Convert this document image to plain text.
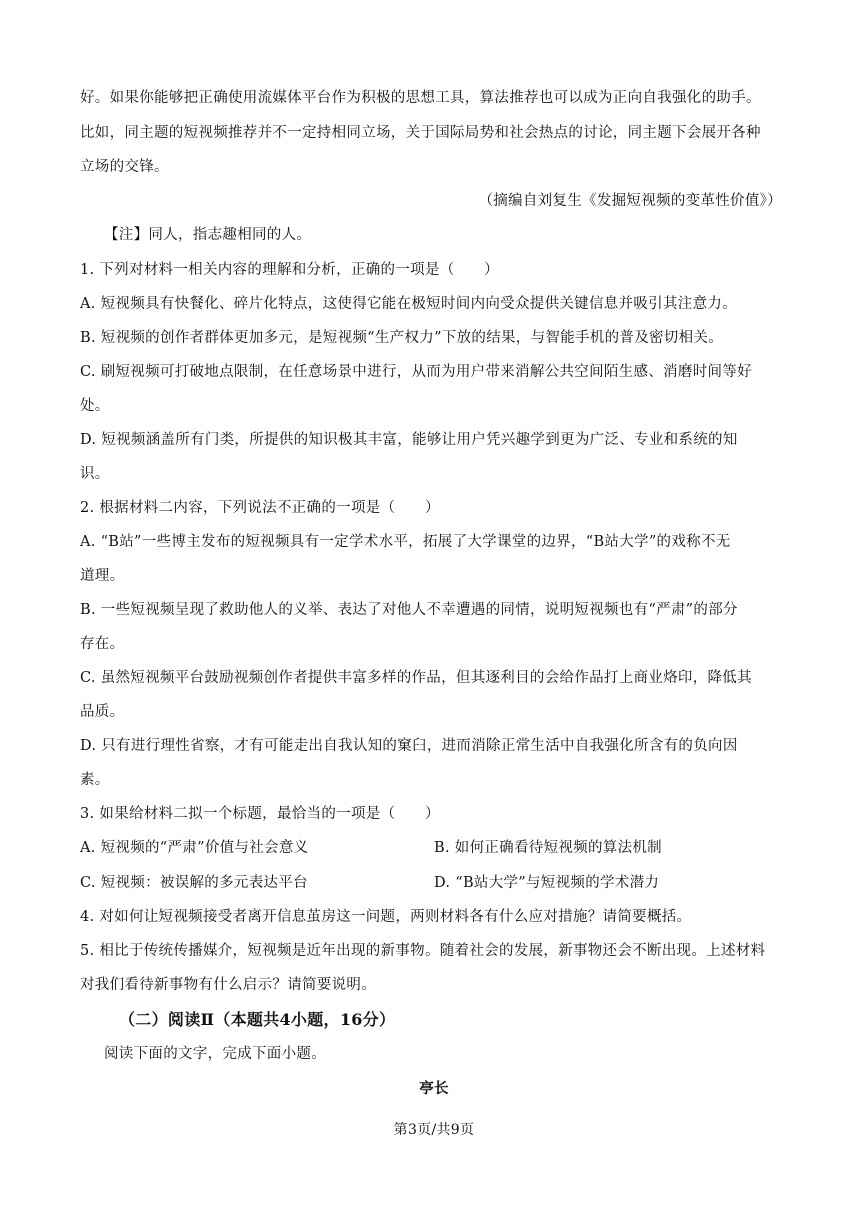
好。如果你能够把正确使用流媒体平台作为积极的思想工具，算法推荐也可以成为正向自我强化的助手。
比如，同主题的短视频推荐并不一定持相同立场，关于国际局势和社会热点的讨论，同主题下会展开各种
立场的交锋。
（摘编自刘复生《发掘短视频的变革性价值》）
【注】同人，指志趣相同的人。
1. 下列对材料一相关内容的理解和分析，正确的一项是（　　）
A. 短视频具有快餐化、碎片化特点，这使得它能在极短时间内向受众提供关键信息并吸引其注意力。
B. 短视频的创作者群体更加多元，是短视频“生产权力”下放的结果，与智能手机的普及密切相关。
C. 刷短视频可打破地点限制，在任意场景中进行，从而为用户带来消解公共空间陌生感、消磨时间等好
处。
D. 短视频涵盖所有门类，所提供的知识极其丰富，能够让用户凭兴趣学到更为广泛、专业和系统的知
识。
2. 根据材料二内容，下列说法不正确的一项是（　　）
A. “B站”一些博主发布的短视频具有一定学术水平，拓展了大学课堂的边界，“B站大学”的戏称不无
道理。
B. 一些短视频呈现了救助他人的义举、表达了对他人不幸遭遇的同情，说明短视频也有“严肃”的部分
存在。
C. 虽然短视频平台鼓励视频创作者提供丰富多样的作品，但其逐利目的会给作品打上商业烙印，降低其
品质。
D. 只有进行理性省察，才有可能走出自我认知的窠臼，进而消除正常生活中自我强化所含有的负向因
素。
3. 如果给材料二拟一个标题，最恰当的一项是（　　）
A. 短视频的“严肃”价值与社会意义	B. 如何正确看待短视频的算法机制
C. 短视频：被误解的多元表达平台	D. “B站大学”与短视频的学术潜力
4. 对如何让短视频接受者离开信息茧房这一问题，两则材料各有什么应对措施？请简要概括。
5. 相比于传统传播媒介，短视频是近年出现的新事物。随着社会的发展，新事物还会不断出现。上述材料
对我们看待新事物有什么启示？请简要说明。
（二）阅读Ⅱ（本题共4小题，16分）
阅读下面的文字，完成下面小题。
亭长
第3页/共9页
